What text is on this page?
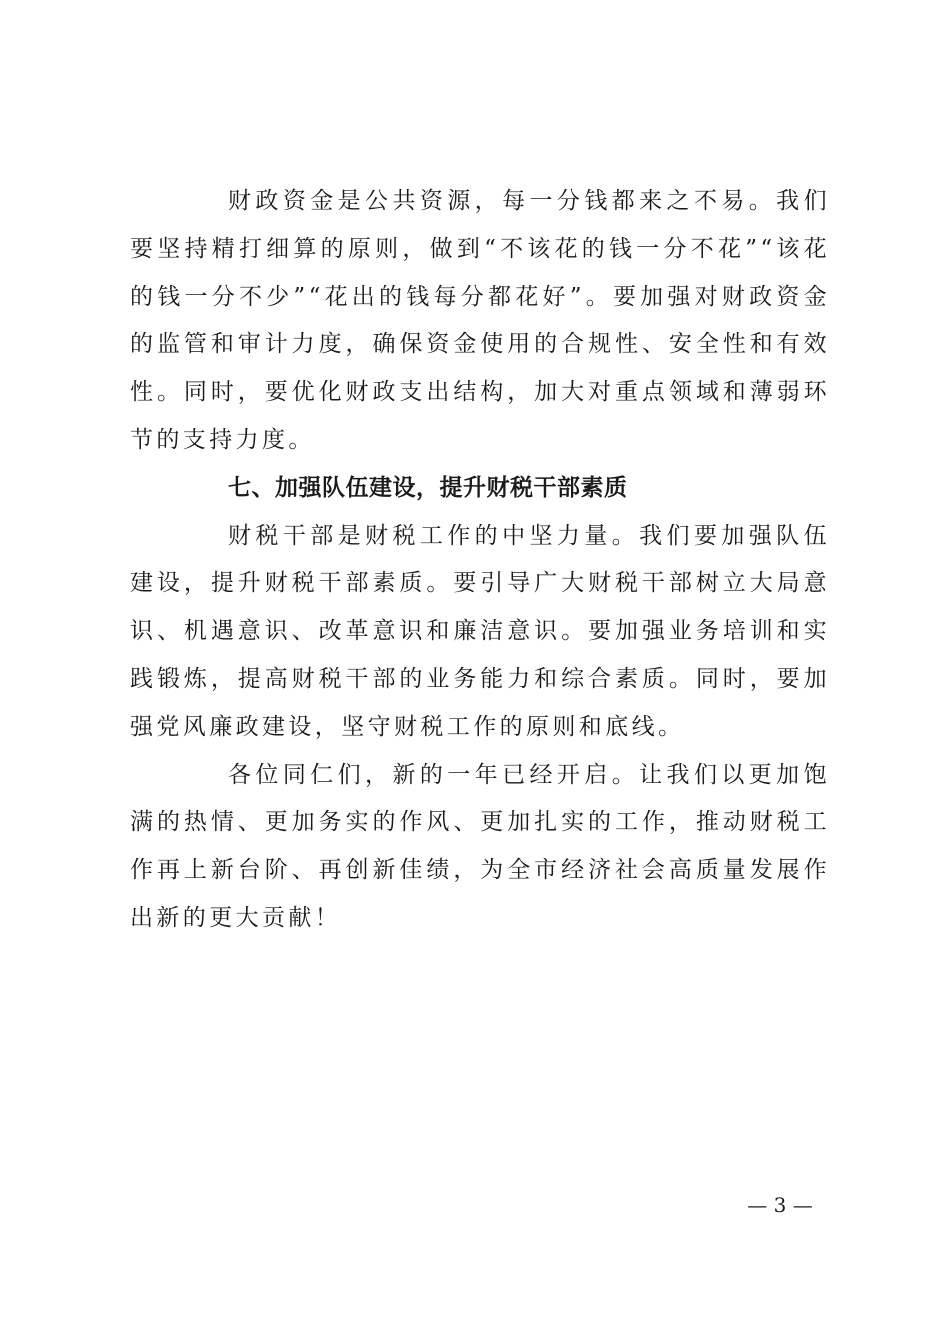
财政资金是公共资源，每一分钱都来之不易。我们要坚持精打细算的原则，做到“不该花的钱一分不花”“该花的钱一分不少”“花出的钱每分都花好”。要加强对财政资金的监管和审计力度，确保资金使用的合规性、安全性和有效性。同时，要优化财政支出结构，加大对重点领域和薄弱环节的支持力度。

七、加强队伍建设，提升财税干部素质

财税干部是财税工作的中坚力量。我们要加强队伍建设，提升财税干部素质。要引导广大财税干部树立大局意识、机遇意识、改革意识和廉洁意识。要加强业务培训和实践锻炼，提高财税干部的业务能力和综合素质。同时，要加强党风廉政建设，坚守财税工作的原则和底线。

各位同仁们，新的一年已经开启。让我们以更加饱满的热情、更加务实的作风、更加扎实的工作，推动财税工作再上新台阶、再创新佳绩，为全市经济社会高质量发展作出新的更大贡献！

— 3 —
